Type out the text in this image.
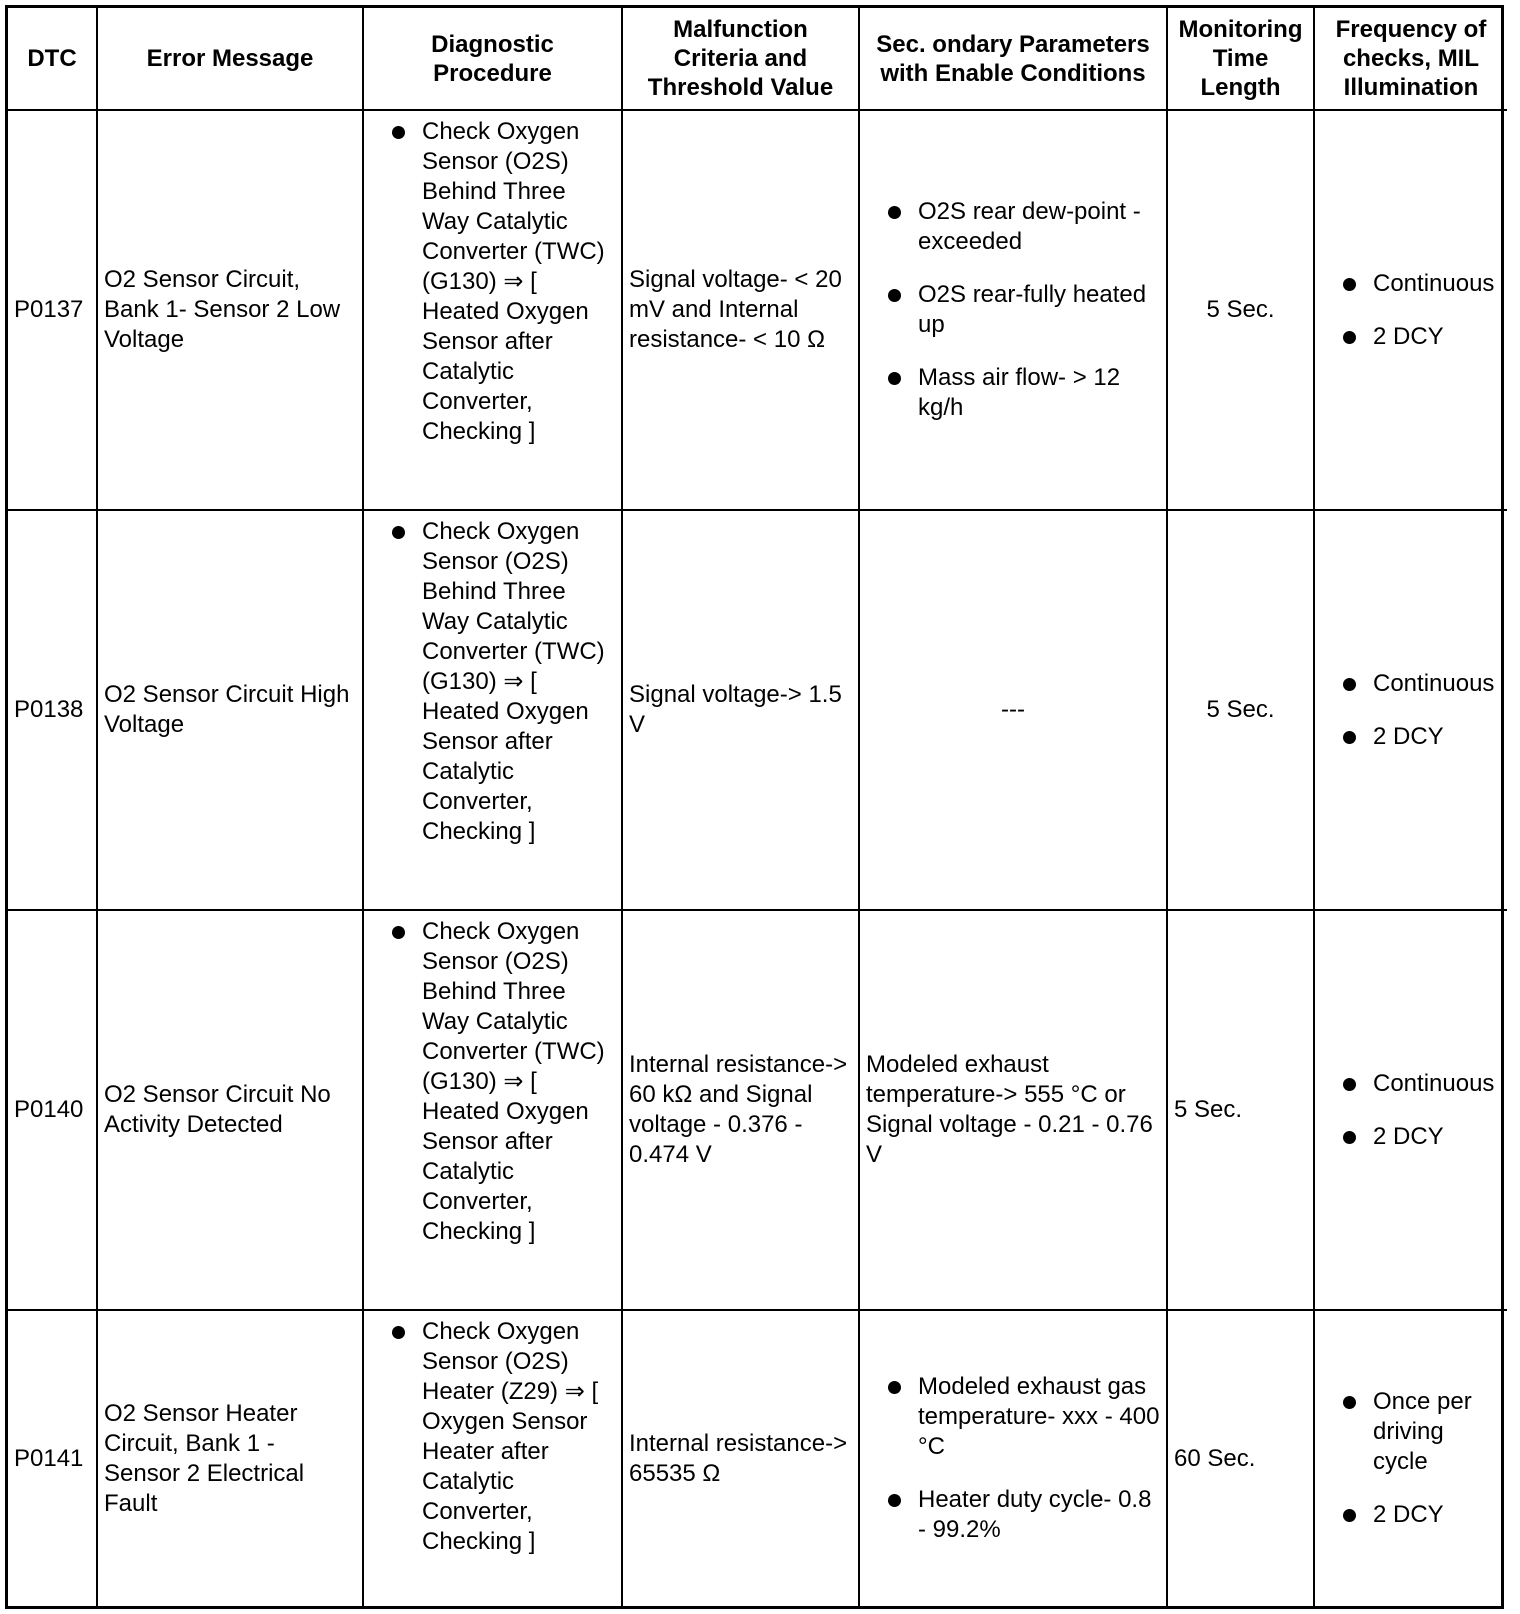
DTC	Error Message
Diagnostic
Procedure
Malfunction
Criteria and
Threshold Value
Sec. ondary Parameters
with Enable Conditions
Monitoring
Time
Length
Frequency of
checks, MIL
Illumination
P0137
O2 Sensor Circuit, Bank 1- Sensor 2 Low Voltage
Check Oxygen Sensor (O2S) Behind Three Way Catalytic Converter (TWC) (G130) ⇒ [ Heated Oxygen Sensor after Catalytic Converter, Checking ]
Signal voltage- < 20 mV and Internal resistance- < 10 Ω
O2S rear dew-point - exceeded
O2S rear-fully heated up
Mass air flow- > 12 kg/h
5 Sec.
Continuous
2 DCY
P0138
O2 Sensor Circuit High Voltage
Check Oxygen Sensor (O2S) Behind Three Way Catalytic Converter (TWC) (G130) ⇒ [ Heated Oxygen Sensor after Catalytic Converter, Checking ]
Signal voltage-> 1.5 V
---	5 Sec.
Continuous
2 DCY
P0140
O2 Sensor Circuit No Activity Detected
Check Oxygen Sensor (O2S) Behind Three Way Catalytic Converter (TWC) (G130) ⇒ [ Heated Oxygen Sensor after Catalytic Converter, Checking ]
Internal resistance-> 60 kΩ and Signal voltage - 0.376 - 0.474 V
Modeled exhaust temperature-> 555 °C or Signal voltage - 0.21 - 0.76 V
5 Sec.
Continuous
2 DCY
P0141
O2 Sensor Heater Circuit, Bank 1 - Sensor 2 Electrical Fault
Check Oxygen Sensor (O2S) Heater (Z29) ⇒ [ Oxygen Sensor Heater after Catalytic Converter, Checking ]
Internal resistance-> 65535 Ω
Modeled exhaust gas temperature- xxx - 400 °C
Heater duty cycle- 0.8 - 99.2%
60 Sec.
Once per driving cycle
2 DCY
